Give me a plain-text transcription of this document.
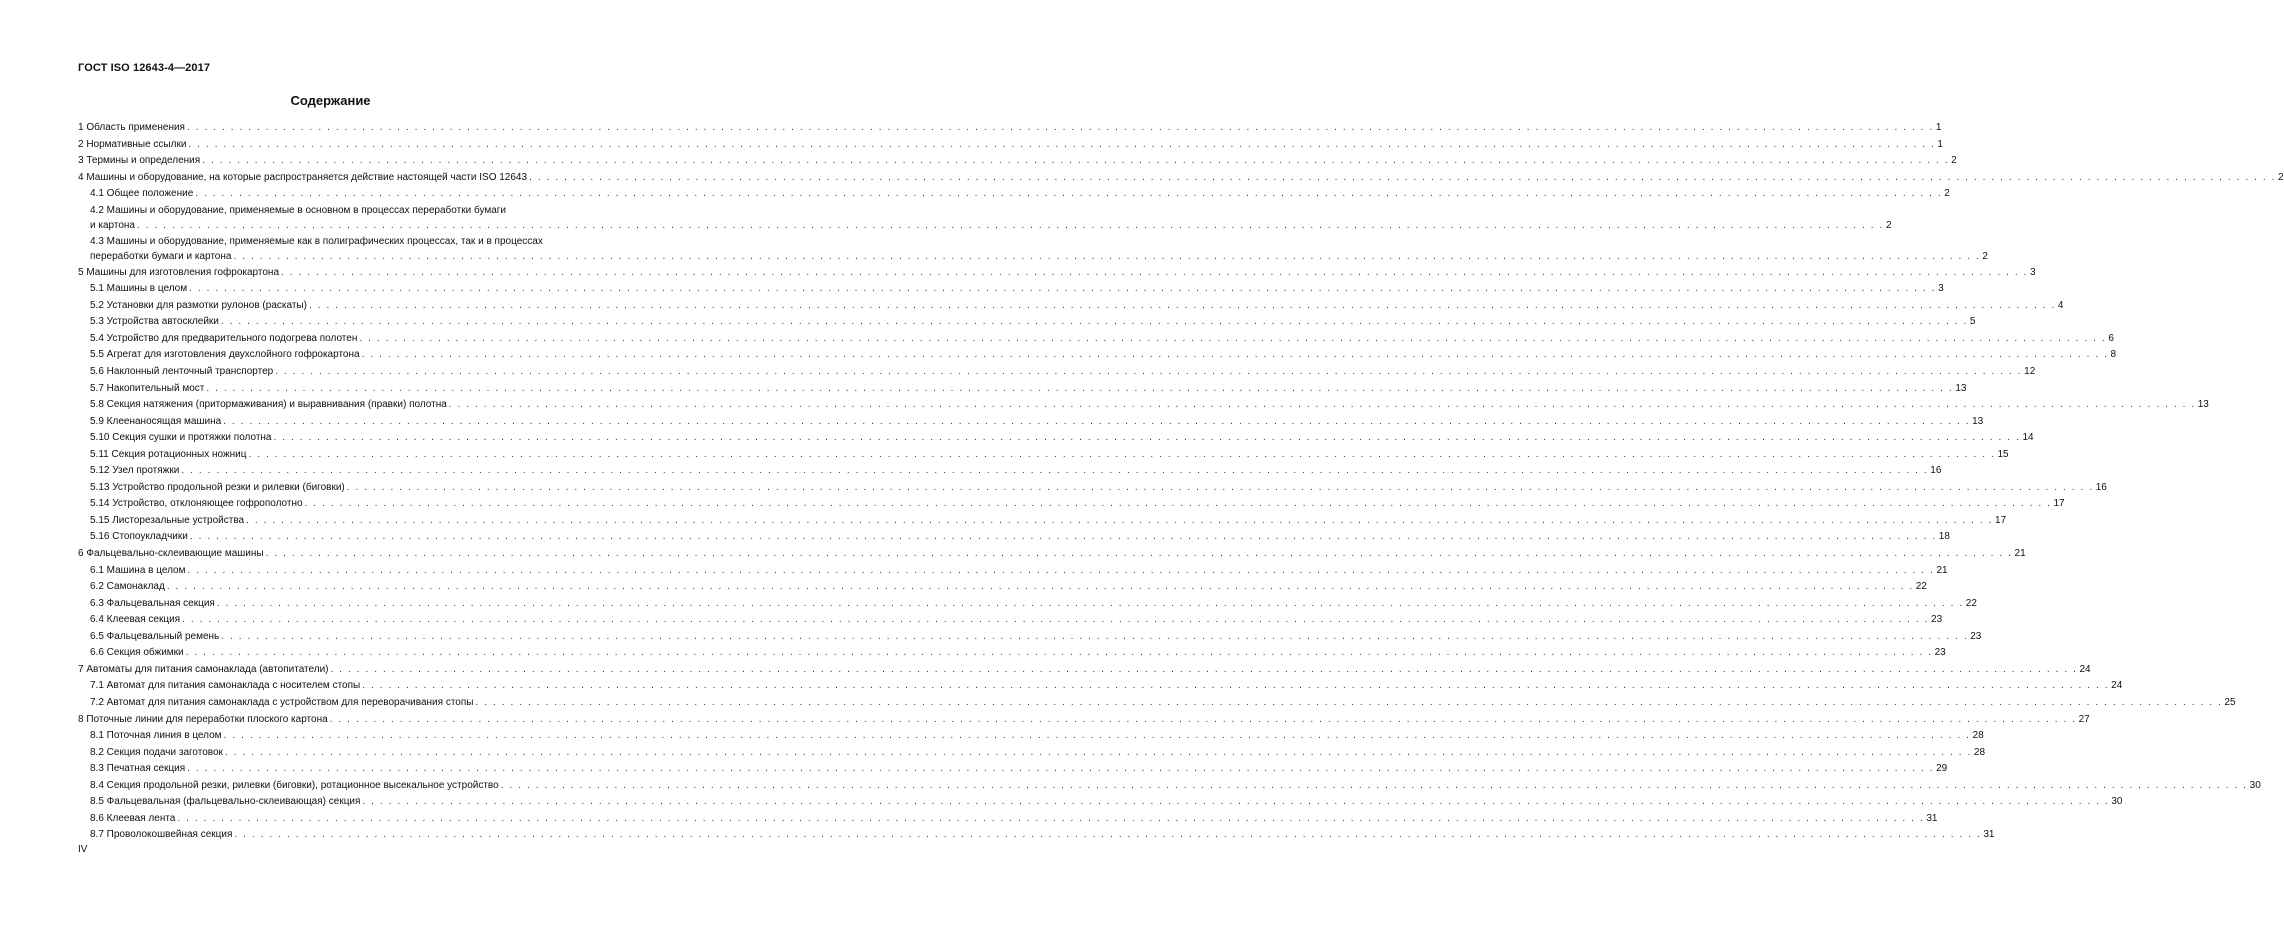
ГОСТ ISO 12643-4—2017
Содержание
1 Область применения . . . . . . . . . . . . . . . . . . . . . . . . . . . . . . . . . . . . . . . . . . . . . . . . . . . . . . . . . . . . . . . . . . . . . . . . . . . . . . . . . . . . . . . . . . . . . . . . . . . . . . . . . . . . . . . . . . . . . . . . . . . . . . . . . . . . . . . . . . . . . . . . . . . . . . . . . . . . . . . . . . . . . . . . . . . . . . . . . . . . . . . . . . . . . . . . . . . . . . . . 1
2 Нормативные ссылки . . . . . . . . . . . . . . . . . . . . . . . . . . . . . . . . . . . . . . . . . . . . . . . . . . . . . . . . . . . . . . . . . . . . . . . . . . . . . . . . . . . . . . . . . . . . . . . . . . . . . . . . . . . . . . . . . . . . . . . . . . . . . . . . . . . . . . . . . . . . . . . . . . . . . . . . . . . . . . . . . . . . . . . . . . . . . . . . . . . . . . . . . . . . . . . . . . . . . . . . 1
3 Термины и определения . . . . . . . . . . . . . . . . . . . . . . . . . . . . . . . . . . . . . . . . . . . . . . . . . . . . . . . . . . . . . . . . . . . . . . . . . . . . . . . . . . . . . . . . . . . . . . . . . . . . . . . . . . . . . . . . . . . . . . . . . . . . . . . . . . . . . . . . . . . . . . . . . . . . . . . . . . . . . . . . . . . . . . . . . . . . . . . . . . . . . . . . . . . . . . . . . . . . . . . . 2
4 Машины и оборудование, на которые распространяется действие настоящей части ISO 12643 . . . . . . . . . . . . . . . . . . . . . . . . . . . . . . . . . . . . . . . . . . . . . . . . . . . . . . . . . . . . . . . . . . . . . . . . . . . . . . . . . . . . . . . . . . . . . . . . . . . . . . . . . . . . . . . . . . . . . . . . . . . . . . . . . . . . . . . . . . . . . . . . . . . . . . . . . . . . . . . . . . . . . . . . . . . . . . . . . . . . . . . . . . . . . . . . . . . . . . . . 2
4.1 Общее положение . . . . . . . . . . . . . . . . . . . . . . . . . . . . . . . . . . . . . . . . . . . . . . . . . . . . . . . . . . . . . . . . . . . . . . . . . . . . . . . . . . . . . . . . . . . . . . . . . . . . . . . . . . . . . . . . . . . . . . . . . . . . . . . . . . . . . . . . . . . . . . . . . . . . . . . . . . . . . . . . . . . . . . . . . . . . . . . . . . . . . . . . . . . . . . . . . . . . . . . . 2
4.2 Машины и оборудование, применяемые в основном в процессах переработки бумаги
и картона . . . . . . . . . . . . . . . . . . . . . . . . . . . . . . . . . . . . . . . . . . . . . . . . . . . . . . . . . . . . . . . . . . . . . . . . . . . . . . . . . . . . . . . . . . . . . . . . . . . . . . . . . . . . . . . . . . . . . . . . . . . . . . . . . . . . . . . . . . . . . . . . . . . . . . . . . . . . . . . . . . . . . . . . . . . . . . . . . . . . . . . . . . . . . . . . . . . . . . . . 2
4.3 Машины и оборудование, применяемые как в полиграфических процессах, так и в процессах
переработки бумаги и картона . . . . . . . . . . . . . . . . . . . . . . . . . . . . . . . . . . . . . . . . . . . . . . . . . . . . . . . . . . . . . . . . . . . . . . . . . . . . . . . . . . . . . . . . . . . . . . . . . . . . . . . . . . . . . . . . . . . . . . . . . . . . . . . . . . . . . . . . . . . . . . . . . . . . . . . . . . . . . . . . . . . . . . . . . . . . . . . . . . . . . . . . . . . . . . . . . . . . . . . . 2
5 Машины для изготовления гофрокартона . . . . . . . . . . . . . . . . . . . . . . . . . . . . . . . . . . . . . . . . . . . . . . . . . . . . . . . . . . . . . . . . . . . . . . . . . . . . . . . . . . . . . . . . . . . . . . . . . . . . . . . . . . . . . . . . . . . . . . . . . . . . . . . . . . . . . . . . . . . . . . . . . . . . . . . . . . . . . . . . . . . . . . . . . . . . . . . . . . . . . . . . . . . . . . . . . . . . . . . . 3
5.1 Машины в целом . . . . . . . . . . . . . . . . . . . . . . . . . . . . . . . . . . . . . . . . . . . . . . . . . . . . . . . . . . . . . . . . . . . . . . . . . . . . . . . . . . . . . . . . . . . . . . . . . . . . . . . . . . . . . . . . . . . . . . . . . . . . . . . . . . . . . . . . . . . . . . . . . . . . . . . . . . . . . . . . . . . . . . . . . . . . . . . . . . . . . . . . . . . . . . . . . . . . . . . . 3
5.2 Установки для размотки рулонов (раскаты) . . . . . . . . . . . . . . . . . . . . . . . . . . . . . . . . . . . . . . . . . . . . . . . . . . . . . . . . . . . . . . . . . . . . . . . . . . . . . . . . . . . . . . . . . . . . . . . . . . . . . . . . . . . . . . . . . . . . . . . . . . . . . . . . . . . . . . . . . . . . . . . . . . . . . . . . . . . . . . . . . . . . . . . . . . . . . . . . . . . . . . . . . . . . . . . . . . . . . . . . 4
5.3 Устройства автосклейки . . . . . . . . . . . . . . . . . . . . . . . . . . . . . . . . . . . . . . . . . . . . . . . . . . . . . . . . . . . . . . . . . . . . . . . . . . . . . . . . . . . . . . . . . . . . . . . . . . . . . . . . . . . . . . . . . . . . . . . . . . . . . . . . . . . . . . . . . . . . . . . . . . . . . . . . . . . . . . . . . . . . . . . . . . . . . . . . . . . . . . . . . . . . . . . . . . . . . . . . 5
5.4 Устройство для предварительного подогрева полотен . . . . . . . . . . . . . . . . . . . . . . . . . . . . . . . . . . . . . . . . . . . . . . . . . . . . . . . . . . . . . . . . . . . . . . . . . . . . . . . . . . . . . . . . . . . . . . . . . . . . . . . . . . . . . . . . . . . . . . . . . . . . . . . . . . . . . . . . . . . . . . . . . . . . . . . . . . . . . . . . . . . . . . . . . . . . . . . . . . . . . . . . . . . . . . . . . . . . . . . . 6
5.5 Агрегат для изготовления двухслойного гофрокартона . . . . . . . . . . . . . . . . . . . . . . . . . . . . . . . . . . . . . . . . . . . . . . . . . . . . . . . . . . . . . . . . . . . . . . . . . . . . . . . . . . . . . . . . . . . . . . . . . . . . . . . . . . . . . . . . . . . . . . . . . . . . . . . . . . . . . . . . . . . . . . . . . . . . . . . . . . . . . . . . . . . . . . . . . . . . . . . . . . . . . . . . . . . . . . . . . . . . . . . . 8
5.6 Наклонный ленточный транспортер . . . . . . . . . . . . . . . . . . . . . . . . . . . . . . . . . . . . . . . . . . . . . . . . . . . . . . . . . . . . . . . . . . . . . . . . . . . . . . . . . . . . . . . . . . . . . . . . . . . . . . . . . . . . . . . . . . . . . . . . . . . . . . . . . . . . . . . . . . . . . . . . . . . . . . . . . . . . . . . . . . . . . . . . . . . . . . . . . . . . . . . . . . . . . . . . . . . . . . . . 12
5.7 Накопительный мост . . . . . . . . . . . . . . . . . . . . . . . . . . . . . . . . . . . . . . . . . . . . . . . . . . . . . . . . . . . . . . . . . . . . . . . . . . . . . . . . . . . . . . . . . . . . . . . . . . . . . . . . . . . . . . . . . . . . . . . . . . . . . . . . . . . . . . . . . . . . . . . . . . . . . . . . . . . . . . . . . . . . . . . . . . . . . . . . . . . . . . . . . . . . . . . . . . . . . . . . 13
5.8 Секция натяжения (притормаживания) и выравнивания (правки) полотна . . . . . . . . . . . . . . . . . . . . . . . . . . . . . . . . . . . . . . . . . . . . . . . . . . . . . . . . . . . . . . . . . . . . . . . . . . . . . . . . . . . . . . . . . . . . . . . . . . . . . . . . . . . . . . . . . . . . . . . . . . . . . . . . . . . . . . . . . . . . . . . . . . . . . . . . . . . . . . . . . . . . . . . . . . . . . . . . . . . . . . . . . . . . . . . . . . . . . . . . 13
5.9 Клеенаносящая машина . . . . . . . . . . . . . . . . . . . . . . . . . . . . . . . . . . . . . . . . . . . . . . . . . . . . . . . . . . . . . . . . . . . . . . . . . . . . . . . . . . . . . . . . . . . . . . . . . . . . . . . . . . . . . . . . . . . . . . . . . . . . . . . . . . . . . . . . . . . . . . . . . . . . . . . . . . . . . . . . . . . . . . . . . . . . . . . . . . . . . . . . . . . . . . . . . . . . . . . . 13
5.10 Секция сушки и протяжки полотна . . . . . . . . . . . . . . . . . . . . . . . . . . . . . . . . . . . . . . . . . . . . . . . . . . . . . . . . . . . . . . . . . . . . . . . . . . . . . . . . . . . . . . . . . . . . . . . . . . . . . . . . . . . . . . . . . . . . . . . . . . . . . . . . . . . . . . . . . . . . . . . . . . . . . . . . . . . . . . . . . . . . . . . . . . . . . . . . . . . . . . . . . . . . . . . . . . . . . . . . 14
5.11 Секция ротационных ножниц . . . . . . . . . . . . . . . . . . . . . . . . . . . . . . . . . . . . . . . . . . . . . . . . . . . . . . . . . . . . . . . . . . . . . . . . . . . . . . . . . . . . . . . . . . . . . . . . . . . . . . . . . . . . . . . . . . . . . . . . . . . . . . . . . . . . . . . . . . . . . . . . . . . . . . . . . . . . . . . . . . . . . . . . . . . . . . . . . . . . . . . . . . . . . . . . . . . . . . . . 15
5.12 Узел протяжки . . . . . . . . . . . . . . . . . . . . . . . . . . . . . . . . . . . . . . . . . . . . . . . . . . . . . . . . . . . . . . . . . . . . . . . . . . . . . . . . . . . . . . . . . . . . . . . . . . . . . . . . . . . . . . . . . . . . . . . . . . . . . . . . . . . . . . . . . . . . . . . . . . . . . . . . . . . . . . . . . . . . . . . . . . . . . . . . . . . . . . . . . . . . . . . . . . . . . . . . 16
5.13 Устройство продольной резки и рилевки (биговки) . . . . . . . . . . . . . . . . . . . . . . . . . . . . . . . . . . . . . . . . . . . . . . . . . . . . . . . . . . . . . . . . . . . . . . . . . . . . . . . . . . . . . . . . . . . . . . . . . . . . . . . . . . . . . . . . . . . . . . . . . . . . . . . . . . . . . . . . . . . . . . . . . . . . . . . . . . . . . . . . . . . . . . . . . . . . . . . . . . . . . . . . . . . . . . . . . . . . . . . . 16
5.14 Устройство, отклоняющее гофрополотно . . . . . . . . . . . . . . . . . . . . . . . . . . . . . . . . . . . . . . . . . . . . . . . . . . . . . . . . . . . . . . . . . . . . . . . . . . . . . . . . . . . . . . . . . . . . . . . . . . . . . . . . . . . . . . . . . . . . . . . . . . . . . . . . . . . . . . . . . . . . . . . . . . . . . . . . . . . . . . . . . . . . . . . . . . . . . . . . . . . . . . . . . . . . . . . . . . . . . . . . 17
5.15 Листорезальные устройства . . . . . . . . . . . . . . . . . . . . . . . . . . . . . . . . . . . . . . . . . . . . . . . . . . . . . . . . . . . . . . . . . . . . . . . . . . . . . . . . . . . . . . . . . . . . . . . . . . . . . . . . . . . . . . . . . . . . . . . . . . . . . . . . . . . . . . . . . . . . . . . . . . . . . . . . . . . . . . . . . . . . . . . . . . . . . . . . . . . . . . . . . . . . . . . . . . . . . . . . 17
5.16 Стопоукладчики . . . . . . . . . . . . . . . . . . . . . . . . . . . . . . . . . . . . . . . . . . . . . . . . . . . . . . . . . . . . . . . . . . . . . . . . . . . . . . . . . . . . . . . . . . . . . . . . . . . . . . . . . . . . . . . . . . . . . . . . . . . . . . . . . . . . . . . . . . . . . . . . . . . . . . . . . . . . . . . . . . . . . . . . . . . . . . . . . . . . . . . . . . . . . . . . . . . . . . . . 18
6 Фальцевально-склеивающие машины . . . . . . . . . . . . . . . . . . . . . . . . . . . . . . . . . . . . . . . . . . . . . . . . . . . . . . . . . . . . . . . . . . . . . . . . . . . . . . . . . . . . . . . . . . . . . . . . . . . . . . . . . . . . . . . . . . . . . . . . . . . . . . . . . . . . . . . . . . . . . . . . . . . . . . . . . . . . . . . . . . . . . . . . . . . . . . . . . . . . . . . . . . . . . . . . . . . . . . . . 21
6.1 Машина в целом . . . . . . . . . . . . . . . . . . . . . . . . . . . . . . . . . . . . . . . . . . . . . . . . . . . . . . . . . . . . . . . . . . . . . . . . . . . . . . . . . . . . . . . . . . . . . . . . . . . . . . . . . . . . . . . . . . . . . . . . . . . . . . . . . . . . . . . . . . . . . . . . . . . . . . . . . . . . . . . . . . . . . . . . . . . . . . . . . . . . . . . . . . . . . . . . . . . . . . . . 21
6.2 Самонаклад . . . . . . . . . . . . . . . . . . . . . . . . . . . . . . . . . . . . . . . . . . . . . . . . . . . . . . . . . . . . . . . . . . . . . . . . . . . . . . . . . . . . . . . . . . . . . . . . . . . . . . . . . . . . . . . . . . . . . . . . . . . . . . . . . . . . . . . . . . . . . . . . . . . . . . . . . . . . . . . . . . . . . . . . . . . . . . . . . . . . . . . . . . . . . . . . . . . . . . . . 22
6.3 Фальцевальная секция . . . . . . . . . . . . . . . . . . . . . . . . . . . . . . . . . . . . . . . . . . . . . . . . . . . . . . . . . . . . . . . . . . . . . . . . . . . . . . . . . . . . . . . . . . . . . . . . . . . . . . . . . . . . . . . . . . . . . . . . . . . . . . . . . . . . . . . . . . . . . . . . . . . . . . . . . . . . . . . . . . . . . . . . . . . . . . . . . . . . . . . . . . . . . . . . . . . . . . . . 22
6.4 Клеевая секция . . . . . . . . . . . . . . . . . . . . . . . . . . . . . . . . . . . . . . . . . . . . . . . . . . . . . . . . . . . . . . . . . . . . . . . . . . . . . . . . . . . . . . . . . . . . . . . . . . . . . . . . . . . . . . . . . . . . . . . . . . . . . . . . . . . . . . . . . . . . . . . . . . . . . . . . . . . . . . . . . . . . . . . . . . . . . . . . . . . . . . . . . . . . . . . . . . . . . . . . 23
6.5 Фальцевальный ремень . . . . . . . . . . . . . . . . . . . . . . . . . . . . . . . . . . . . . . . . . . . . . . . . . . . . . . . . . . . . . . . . . . . . . . . . . . . . . . . . . . . . . . . . . . . . . . . . . . . . . . . . . . . . . . . . . . . . . . . . . . . . . . . . . . . . . . . . . . . . . . . . . . . . . . . . . . . . . . . . . . . . . . . . . . . . . . . . . . . . . . . . . . . . . . . . . . . . . . . . 23
6.6 Секция обжимки . . . . . . . . . . . . . . . . . . . . . . . . . . . . . . . . . . . . . . . . . . . . . . . . . . . . . . . . . . . . . . . . . . . . . . . . . . . . . . . . . . . . . . . . . . . . . . . . . . . . . . . . . . . . . . . . . . . . . . . . . . . . . . . . . . . . . . . . . . . . . . . . . . . . . . . . . . . . . . . . . . . . . . . . . . . . . . . . . . . . . . . . . . . . . . . . . . . . . . . . 23
7 Автоматы для питания самонаклада (автопитатели) . . . . . . . . . . . . . . . . . . . . . . . . . . . . . . . . . . . . . . . . . . . . . . . . . . . . . . . . . . . . . . . . . . . . . . . . . . . . . . . . . . . . . . . . . . . . . . . . . . . . . . . . . . . . . . . . . . . . . . . . . . . . . . . . . . . . . . . . . . . . . . . . . . . . . . . . . . . . . . . . . . . . . . . . . . . . . . . . . . . . . . . . . . . . . . . . . . . . . . . . 24
7.1 Автомат для питания самонаклада с носителем стопы . . . . . . . . . . . . . . . . . . . . . . . . . . . . . . . . . . . . . . . . . . . . . . . . . . . . . . . . . . . . . . . . . . . . . . . . . . . . . . . . . . . . . . . . . . . . . . . . . . . . . . . . . . . . . . . . . . . . . . . . . . . . . . . . . . . . . . . . . . . . . . . . . . . . . . . . . . . . . . . . . . . . . . . . . . . . . . . . . . . . . . . . . . . . . . . . . . . . . . . . 24
7.2 Автомат для питания самонаклада с устройством для переворачивания стопы . . . . . . . . . . . . . . . . . . . . . . . . . . . . . . . . . . . . . . . . . . . . . . . . . . . . . . . . . . . . . . . . . . . . . . . . . . . . . . . . . . . . . . . . . . . . . . . . . . . . . . . . . . . . . . . . . . . . . . . . . . . . . . . . . . . . . . . . . . . . . . . . . . . . . . . . . . . . . . . . . . . . . . . . . . . . . . . . . . . . . . . . . . . . . . . . . . . . . . . . 25
8 Поточные линии для переработки плоского картона . . . . . . . . . . . . . . . . . . . . . . . . . . . . . . . . . . . . . . . . . . . . . . . . . . . . . . . . . . . . . . . . . . . . . . . . . . . . . . . . . . . . . . . . . . . . . . . . . . . . . . . . . . . . . . . . . . . . . . . . . . . . . . . . . . . . . . . . . . . . . . . . . . . . . . . . . . . . . . . . . . . . . . . . . . . . . . . . . . . . . . . . . . . . . . . . . . . . . . . . 27
8.1 Поточная линия в целом . . . . . . . . . . . . . . . . . . . . . . . . . . . . . . . . . . . . . . . . . . . . . . . . . . . . . . . . . . . . . . . . . . . . . . . . . . . . . . . . . . . . . . . . . . . . . . . . . . . . . . . . . . . . . . . . . . . . . . . . . . . . . . . . . . . . . . . . . . . . . . . . . . . . . . . . . . . . . . . . . . . . . . . . . . . . . . . . . . . . . . . . . . . . . . . . . . . . . . . . 28
8.2 Секция подачи заготовок . . . . . . . . . . . . . . . . . . . . . . . . . . . . . . . . . . . . . . . . . . . . . . . . . . . . . . . . . . . . . . . . . . . . . . . . . . . . . . . . . . . . . . . . . . . . . . . . . . . . . . . . . . . . . . . . . . . . . . . . . . . . . . . . . . . . . . . . . . . . . . . . . . . . . . . . . . . . . . . . . . . . . . . . . . . . . . . . . . . . . . . . . . . . . . . . . . . . . . . . 28
8.3 Печатная секция . . . . . . . . . . . . . . . . . . . . . . . . . . . . . . . . . . . . . . . . . . . . . . . . . . . . . . . . . . . . . . . . . . . . . . . . . . . . . . . . . . . . . . . . . . . . . . . . . . . . . . . . . . . . . . . . . . . . . . . . . . . . . . . . . . . . . . . . . . . . . . . . . . . . . . . . . . . . . . . . . . . . . . . . . . . . . . . . . . . . . . . . . . . . . . . . . . . . . . . . 29
8.4 Секция продольной резки, рилевки (биговки), ротационное высекальное устройство . . . . . . . . . . . . . . . . . . . . . . . . . . . . . . . . . . . . . . . . . . . . . . . . . . . . . . . . . . . . . . . . . . . . . . . . . . . . . . . . . . . . . . . . . . . . . . . . . . . . . . . . . . . . . . . . . . . . . . . . . . . . . . . . . . . . . . . . . . . . . . . . . . . . . . . . . . . . . . . . . . . . . . . . . . . . . . . . . . . . . . . . . . . . . . . . . . . . . . . . 30
8.5 Фальцевальная (фальцевально-склеивающая) секция . . . . . . . . . . . . . . . . . . . . . . . . . . . . . . . . . . . . . . . . . . . . . . . . . . . . . . . . . . . . . . . . . . . . . . . . . . . . . . . . . . . . . . . . . . . . . . . . . . . . . . . . . . . . . . . . . . . . . . . . . . . . . . . . . . . . . . . . . . . . . . . . . . . . . . . . . . . . . . . . . . . . . . . . . . . . . . . . . . . . . . . . . . . . . . . . . . . . . . . . 30
8.6 Клеевая лента . . . . . . . . . . . . . . . . . . . . . . . . . . . . . . . . . . . . . . . . . . . . . . . . . . . . . . . . . . . . . . . . . . . . . . . . . . . . . . . . . . . . . . . . . . . . . . . . . . . . . . . . . . . . . . . . . . . . . . . . . . . . . . . . . . . . . . . . . . . . . . . . . . . . . . . . . . . . . . . . . . . . . . . . . . . . . . . . . . . . . . . . . . . . . . . . . . . . . . . . 31
8.7 Проволокошвейная секция . . . . . . . . . . . . . . . . . . . . . . . . . . . . . . . . . . . . . . . . . . . . . . . . . . . . . . . . . . . . . . . . . . . . . . . . . . . . . . . . . . . . . . . . . . . . . . . . . . . . . . . . . . . . . . . . . . . . . . . . . . . . . . . . . . . . . . . . . . . . . . . . . . . . . . . . . . . . . . . . . . . . . . . . . . . . . . . . . . . . . . . . . . . . . . . . . . . . . . . . 31
IV
